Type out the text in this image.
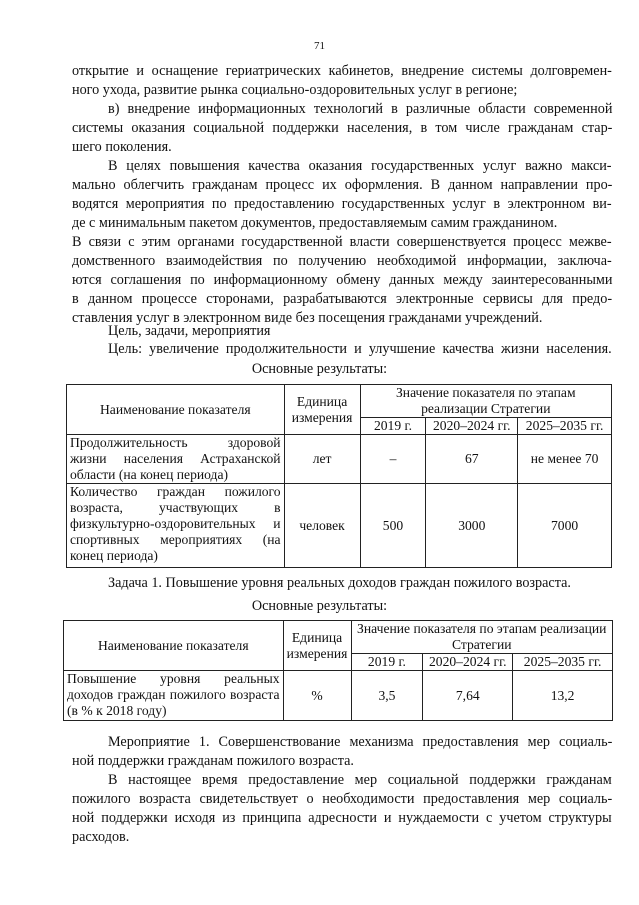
71
открытие и оснащение гериатрических кабинетов, внедрение системы долговремен-
ного ухода, развитие рынка социально-оздоровительных услуг в регионе;
в) внедрение информационных технологий в различные области современной
системы оказания социальной поддержки населения, в том числе гражданам стар-
шего поколения.
В целях повышения качества оказания государственных услуг важно макси-
мально облегчить гражданам процесс их оформления. В данном направлении про-
водятся мероприятия по предоставлению государственных услуг в электронном ви-
де с минимальным пакетом документов, предоставляемым самим гражданином.
В связи с этим органами государственной власти совершенствуется процесс межве-
домственного взаимодействия по получению необходимой информации, заключа-
ются соглашения по информационному обмену данных между заинтересованными
в данном процессе сторонами, разрабатываются электронные сервисы для предо-
ставления услуг в электронном виде без посещения гражданами учреждений.
Цель, задачи, мероприятия
Цель: увеличение продолжительности и улучшение качества жизни населения.
Основные результаты:
Наименование показателя	Единица измерения	Значение показателя по этапам реализации Стратегии		
		2019 г.	2020–2024 гг.	2025–2035 гг.
Продолжительность здоровой жизни населения Астраханской области (на конец периода)	лет	–	67	не менее 70
Количество граждан пожилого возраста, участвующих в физкультурно-оздоровительных и спортивных мероприятиях (на конец периода)	человек	500	3000	7000
Задача 1. Повышение уровня реальных доходов граждан пожилого возраста.
Основные результаты:
Наименование показателя	Единица измерения	Значение показателя по этапам реализации Стратегии		
		2019 г.	2020–2024 гг.	2025–2035 гг.
Повышение уровня реальных доходов граждан пожилого возраста (в % к 2018 году)	%	3,5	7,64	13,2
Мероприятие 1. Совершенствование механизма предоставления мер социаль-
ной поддержки гражданам пожилого возраста.
В настоящее время предоставление мер социальной поддержки гражданам
пожилого возраста свидетельствует о необходимости предоставления мер социаль-
ной поддержки исходя из принципа адресности и нуждаемости с учетом структуры
расходов.
